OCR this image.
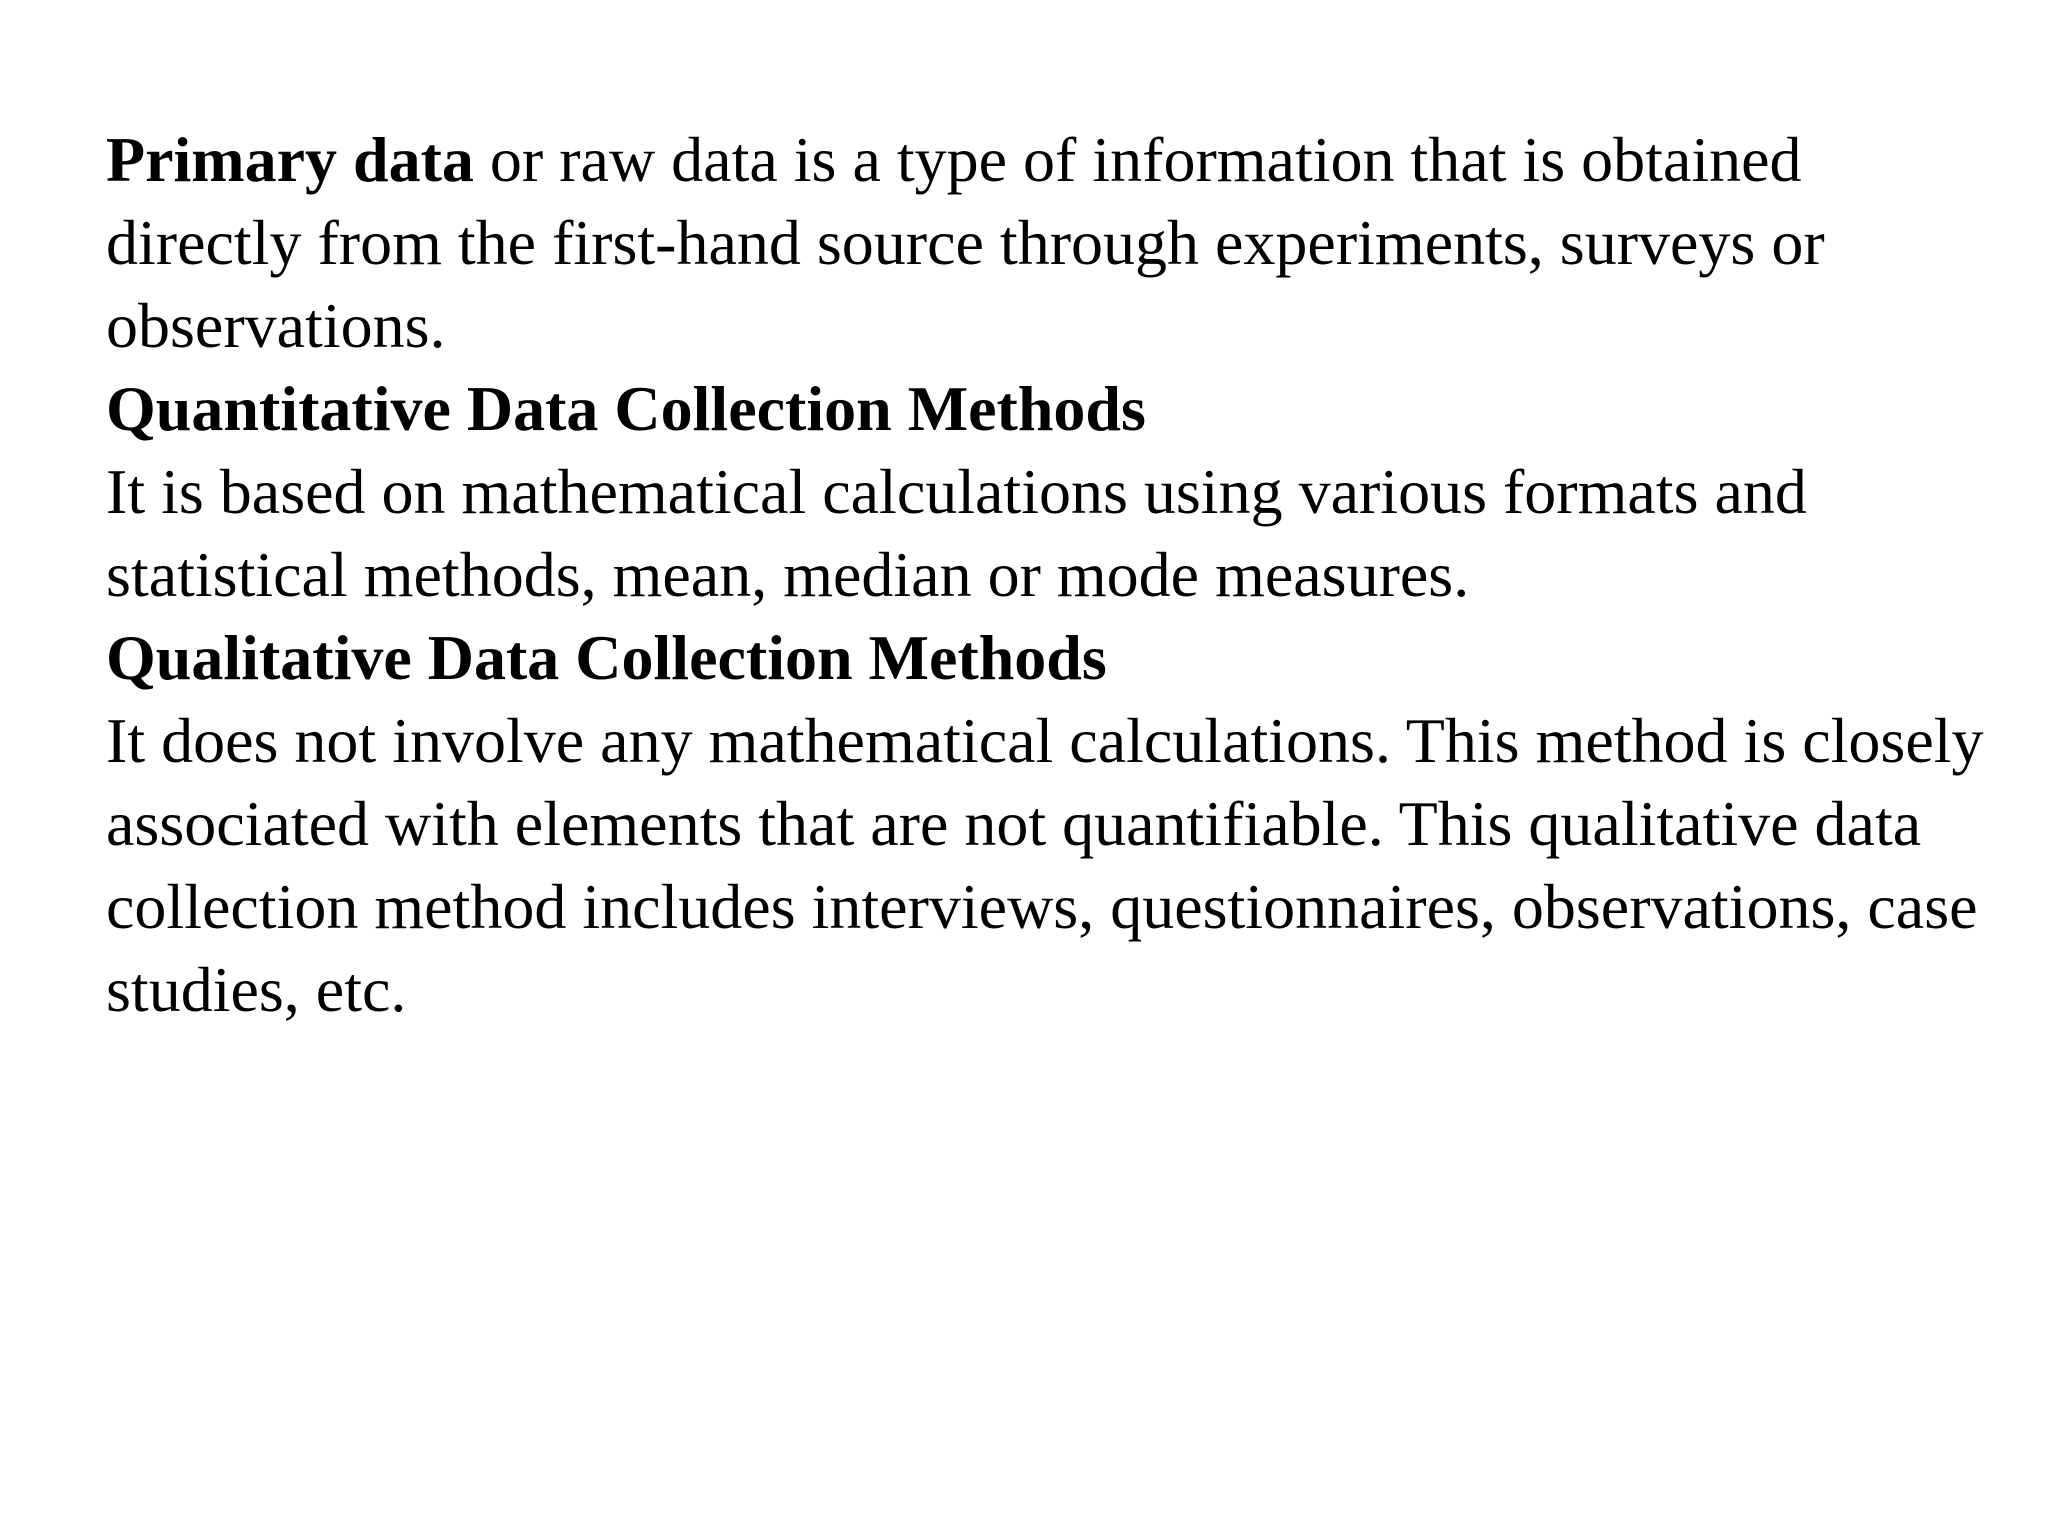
Primary data or raw data is a type of information that is obtained directly from the first-hand source through experiments, surveys or observations.

Quantitative Data Collection Methods

It is based on mathematical calculations using various formats and statistical methods, mean, median or mode measures.

Qualitative Data Collection Methods

It does not involve any mathematical calculations. This method is closely associated with elements that are not quantifiable. This qualitative data collection method includes interviews, questionnaires, observations, case studies, etc.
